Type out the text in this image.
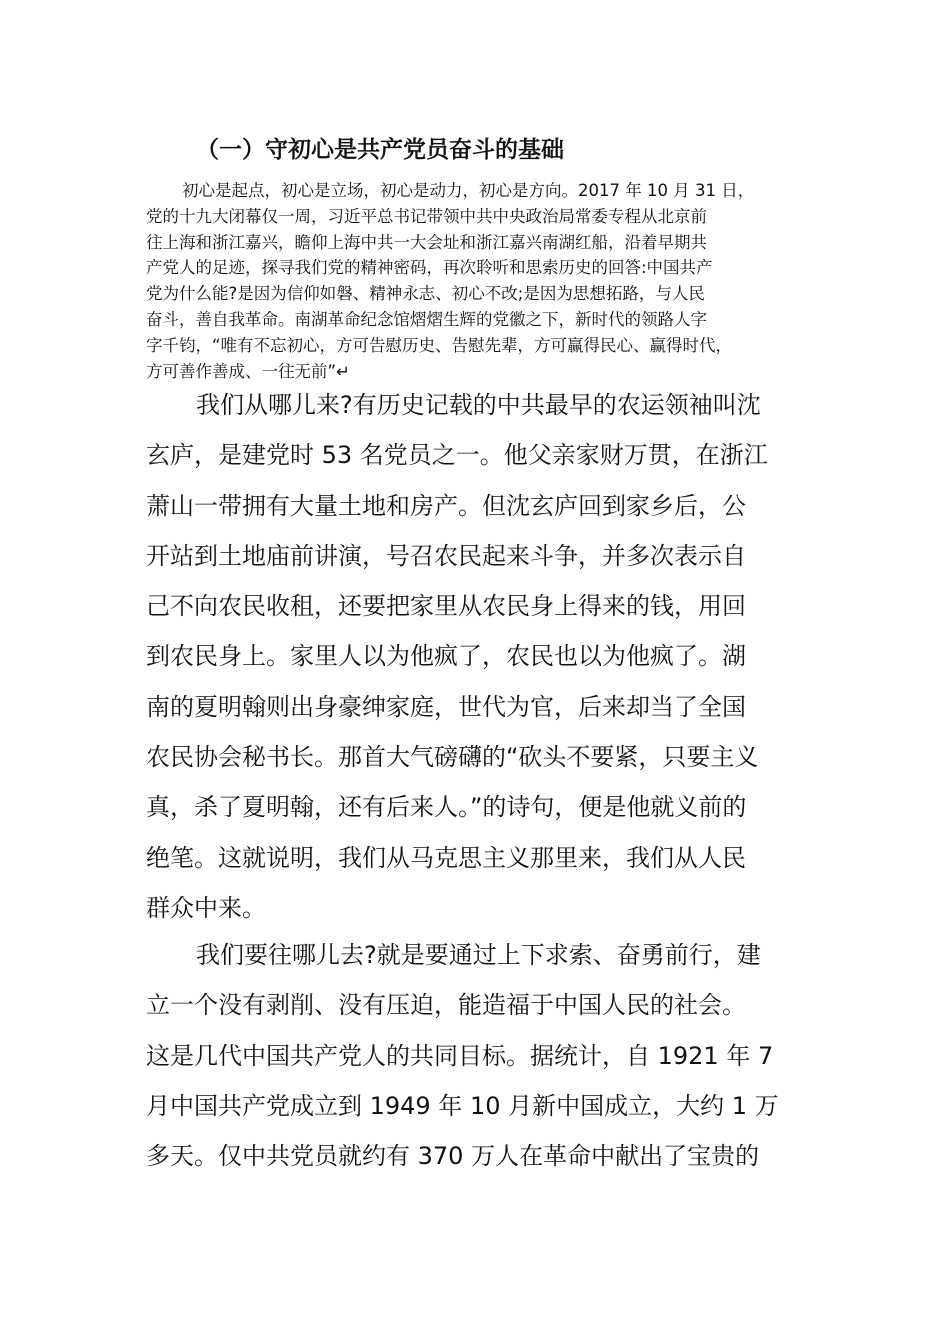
（一）守初心是共产党员奋斗的基础
初心是起点，初心是立场，初心是动力，初心是方向。2017 年 10 月 31 日，
党的十九大闭幕仅一周，习近平总书记带领中共中央政治局常委专程从北京前
往上海和浙江嘉兴，瞻仰上海中共一大会址和浙江嘉兴南湖红船，沿着早期共
产党人的足迹，探寻我们党的精神密码，再次聆听和思索历史的回答:中国共产
党为什么能?是因为信仰如磐、精神永志、初心不改;是因为思想拓路，与人民
奋斗，善自我革命。南湖革命纪念馆熠熠生辉的党徽之下，新时代的领路人字
字千钧，“唯有不忘初心，方可告慰历史、告慰先辈，方可赢得民心、赢得时代，
方可善作善成、一往无前”↵
我们从哪儿来?有历史记载的中共最早的农运领袖叫沈
玄庐，是建党时 53 名党员之一。他父亲家财万贯，在浙江
萧山一带拥有大量土地和房产。但沈玄庐回到家乡后，公
开站到土地庙前讲演，号召农民起来斗争，并多次表示自
己不向农民收租，还要把家里从农民身上得来的钱，用回
到农民身上。家里人以为他疯了，农民也以为他疯了。湖
南的夏明翰则出身豪绅家庭，世代为官，后来却当了全国
农民协会秘书长。那首大气磅礴的“砍头不要紧，只要主义
真，杀了夏明翰，还有后来人。”的诗句，便是他就义前的
绝笔。这就说明，我们从马克思主义那里来，我们从人民
群众中来。
我们要往哪儿去?就是要通过上下求索、奋勇前行，建
立一个没有剥削、没有压迫，能造福于中国人民的社会。
这是几代中国共产党人的共同目标。据统计，自 1921 年 7
月中国共产党成立到 1949 年 10 月新中国成立，大约 1 万
多天。仅中共党员就约有 370 万人在革命中献出了宝贵的
